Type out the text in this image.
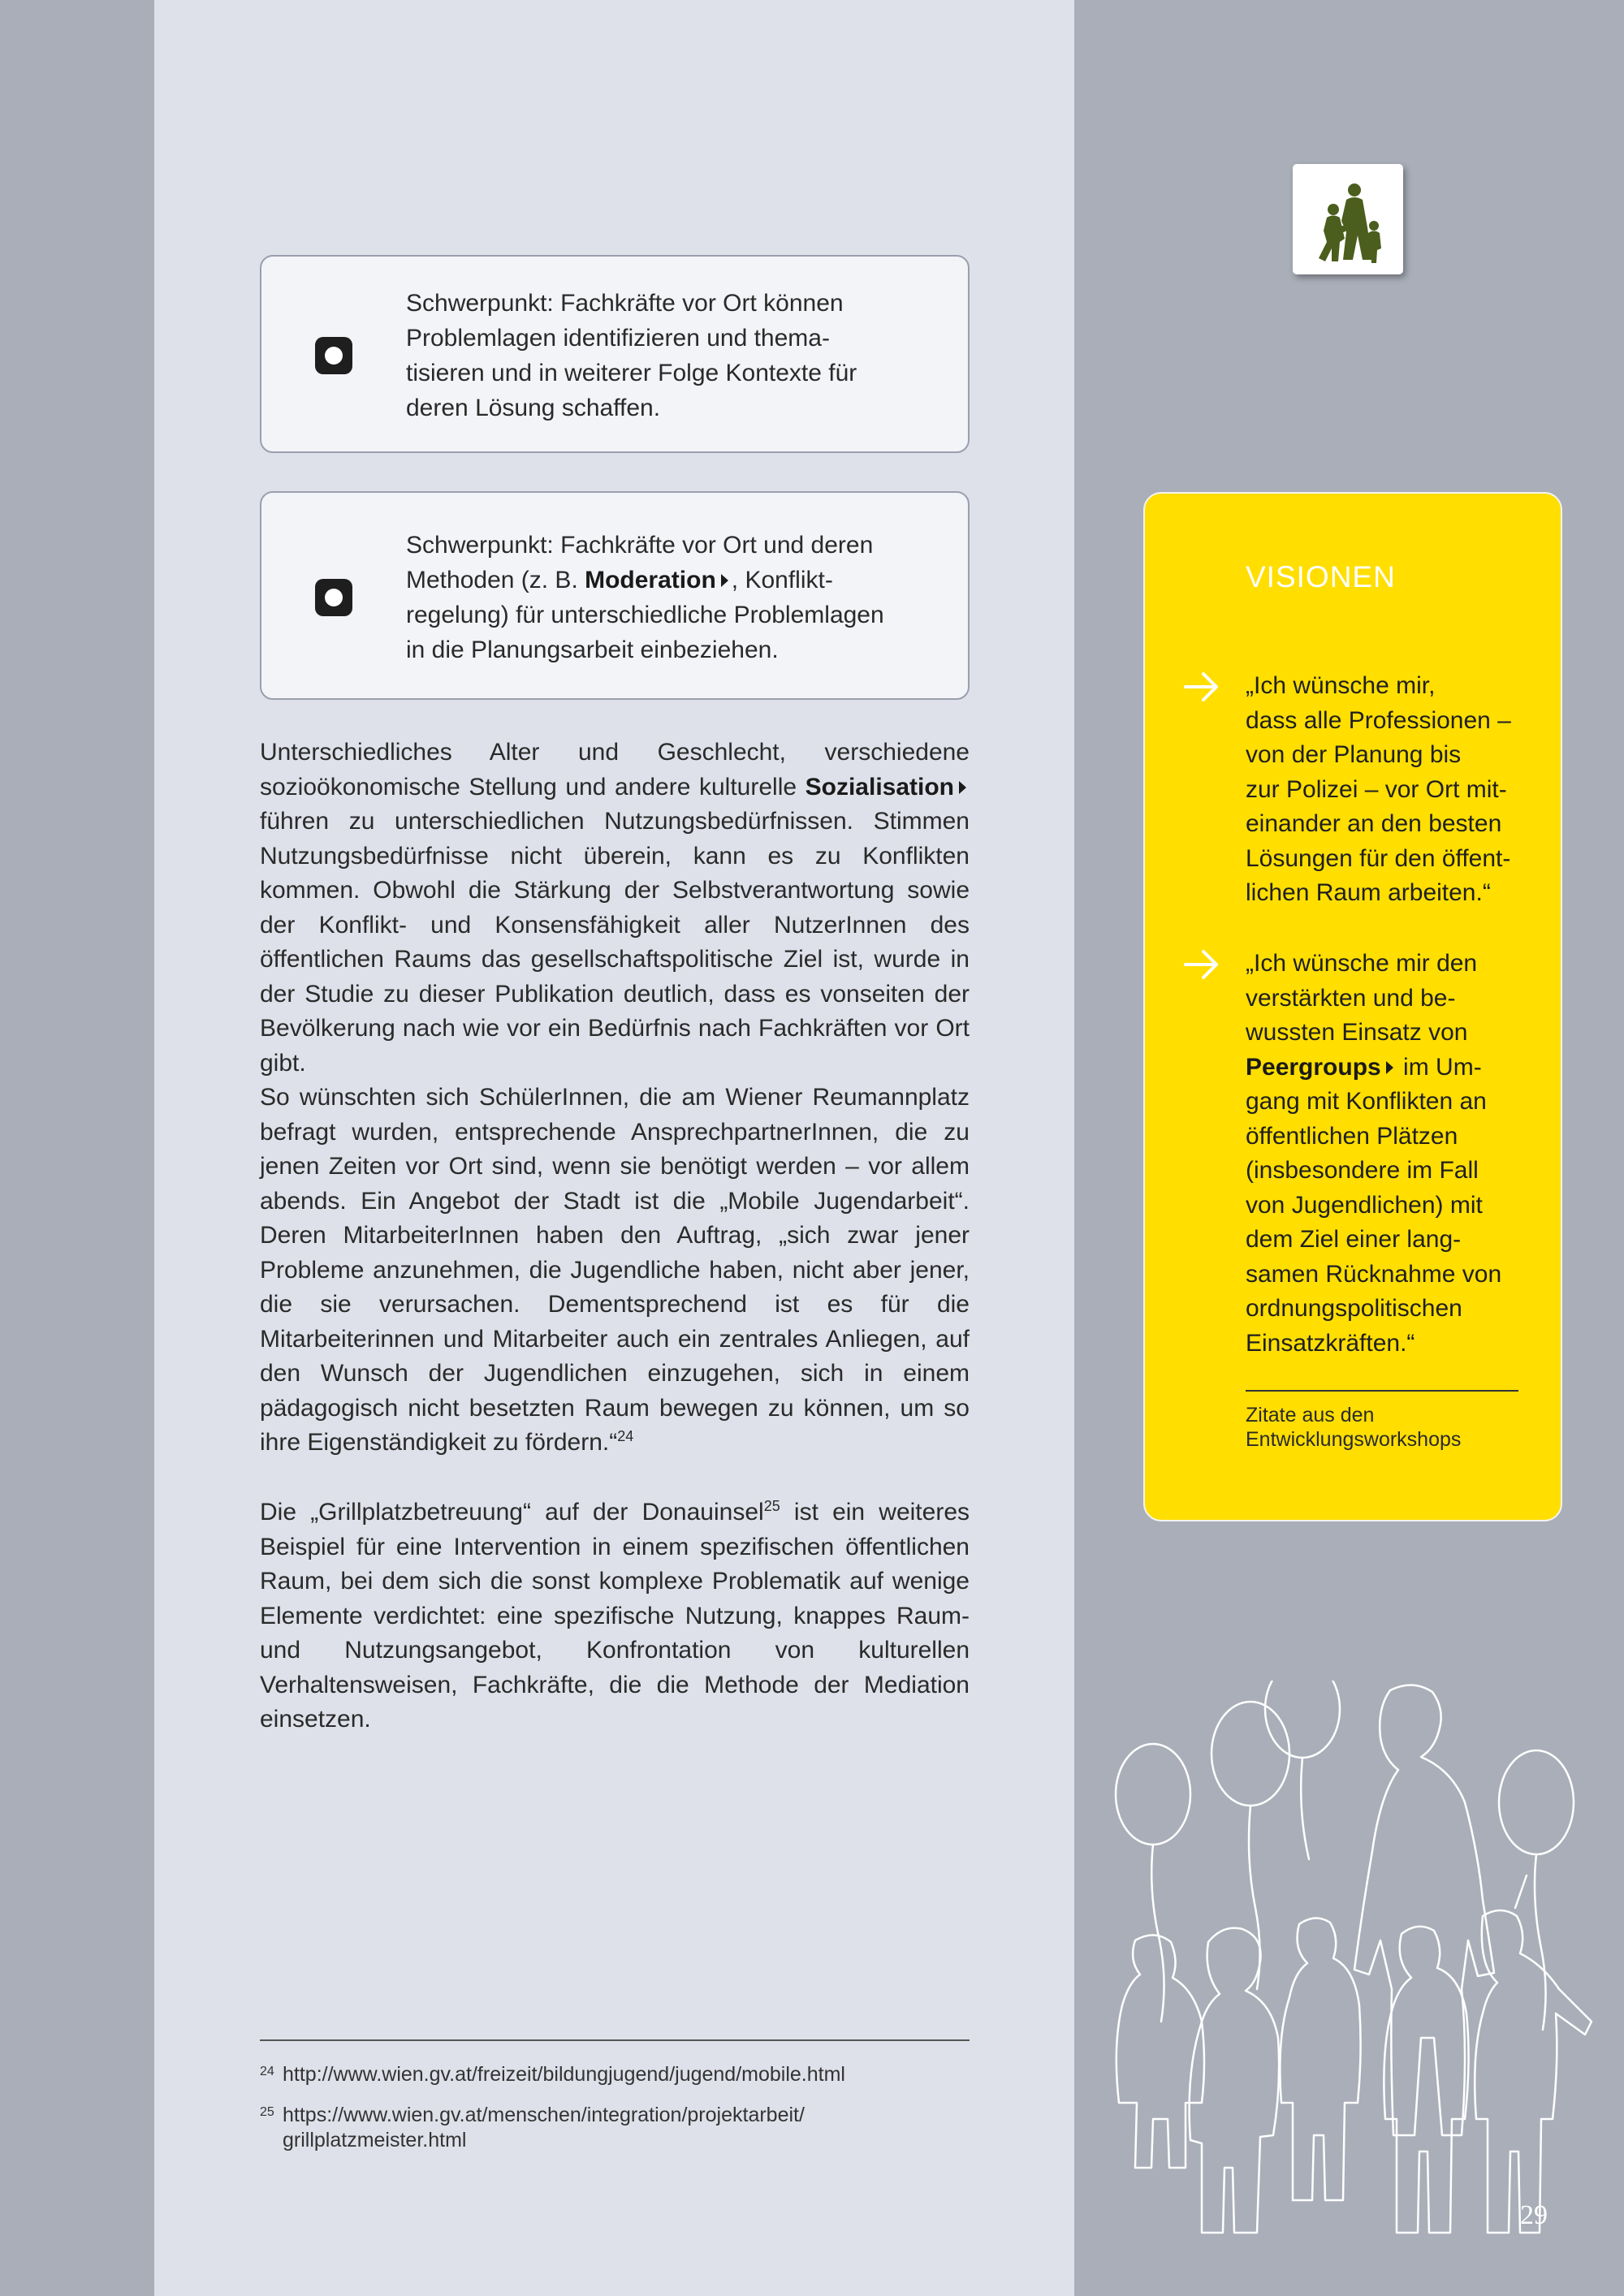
Schwerpunkt: Fachkräfte vor Ort können
Problemlagen identifizieren und thema-
tisieren und in weiterer Folge Kontexte für
deren Lösung schaffen.
Schwerpunkt: Fachkräfte vor Ort und deren
Methoden (z. B. Moderation , Konflikt-
regelung) für unterschiedliche Problemlagen
in die Planungsarbeit einbeziehen.

Unterschiedliches Alter und Geschlecht, verschiedene sozioökonomische Stellung und andere kulturelle Sozialisation führen zu unterschiedlichen Nutzungsbedürfnissen. Stimmen Nutzungsbedürfnisse nicht überein, kann es zu Konflikten kommen. Obwohl die Stärkung der Selbstverantwortung sowie der Konflikt- und Konsensfähigkeit aller NutzerInnen des öffentlichen Raums das gesellschaftspolitische Ziel ist, wurde in der Studie zu dieser Publikation deutlich, dass es vonseiten der Bevölkerung nach wie vor ein Bedürfnis nach Fachkräften vor Ort gibt.

So wünschten sich SchülerInnen, die am Wiener Reumannplatz befragt wurden, entsprechende AnsprechpartnerInnen, die zu jenen Zeiten vor Ort sind, wenn sie benötigt werden – vor allem abends. Ein Angebot der Stadt ist die „Mobile Jugendarbeit“. Deren MitarbeiterInnen haben den Auftrag, „sich zwar jener Probleme anzunehmen, die Jugendliche haben, nicht aber jener, die sie verursachen. Dementsprechend ist es für die Mitarbeiterinnen und Mitarbeiter auch ein zentrales Anliegen, auf den Wunsch der Jugendlichen einzugehen, sich in einem pädagogisch nicht besetzten Raum bewegen zu können, um so ihre Eigenständigkeit zu fördern.“$^{24}$

Die „Grillplatzbetreuung“ auf der Donauinsel$^{25}$ ist ein weiteres Beispiel für eine Intervention in einem spezifischen öffentlichen Raum, bei dem sich die sonst komplexe Problematik auf wenige Elemente verdichtet: eine spezifische Nutzung, knappes Raum- und Nutzungsangebot, Konfrontation von kulturellen Verhaltensweisen, Fachkräfte, die die Methode der Mediation einsetzen.

24 http://www.wien.gv.at/freizeit/bildungjugend/jugend/mobile.html
25 https://www.wien.gv.at/menschen/integration/projektarbeit/
grillplatzmeister.html
VISIONEN
„Ich wünsche mir,
dass alle Professionen –
von der Planung bis
zur Polizei – vor Ort mit-
einander an den besten
Lösungen für den öffent-
lichen Raum arbeiten.“
„Ich wünsche mir den
verstärkten und be-
wussten Einsatz von
Peergroups im Um-
gang mit Konflikten an
öffentlichen Plätzen
(insbesondere im Fall
von Jugendlichen) mit
dem Ziel einer lang-
samen Rücknahme von
ordnungspolitischen
Einsatzkräften.“
Zitate aus den
Entwicklungsworkshops
29
